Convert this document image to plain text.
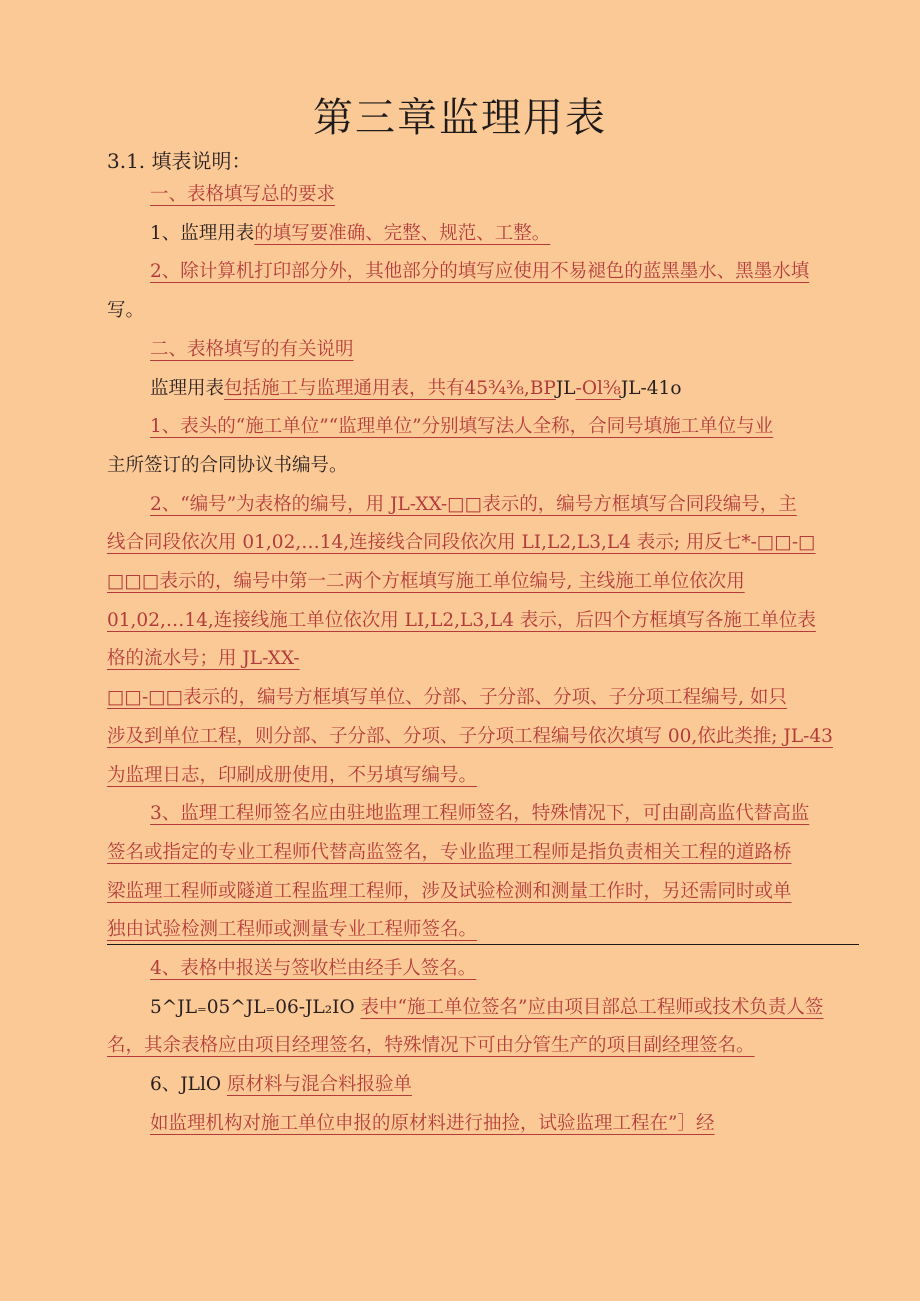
第三章监理用表
3.1. 填表说明：
一、表格填写总的要求
1、监理用表的填写要准确、完整、规范、工整。
2、除计算机打印部分外，其他部分的填写应使用不易褪色的蓝黑墨水、黑墨水填
写。
二、表格填写的有关说明
监理用表包括施工与监理通用表，共有45¾⅜,BPJL-Ol⅜JL-41o
1、表头的“施工单位”“监理单位”分别填写法人全称，合同号填施工单位与业
主所签订的合同协议书编号。
2、“编号”为表格的编号，用 JL-XX-□□表示的，编号方框填写合同段编号，主
线合同段依次用 01,02,…14,连接线合同段依次用 LI,L2,L3,L4 表示; 用反七*-□□-□
□□□表示的，编号中第一二两个方框填写施工单位编号, 主线施工单位依次用
01,02,…14,连接线施工单位依次用 LI,L2,L3,L4 表示，后四个方框填写各施工单位表
格的流水号；用 JL-XX-
□□-□□表示的，编号方框填写单位、分部、子分部、分项、子分项工程编号, 如只
涉及到单位工程，则分部、子分部、分项、子分项工程编号依次填写 00,依此类推; JL-43
为监理日志，印刷成册使用，不另填写编号。
3、监理工程师签名应由驻地监理工程师签名，特殊情况下，可由副高监代替高监
签名或指定的专业工程师代替高监签名，专业监理工程师是指负责相关工程的道路桥
梁监理工程师或隧道工程监理工程师，涉及试验检测和测量工作时，另还需同时或单
独由试验检测工程师或测量专业工程师签名。
4、表格中报送与签收栏由经手人签名。
5^JL₌05^JL₌06-JL₂IO 表中“施工单位签名”应由项目部总工程师或技术负责人签
名，其余表格应由项目经理签名，特殊情况下可由分管生产的项目副经理签名。
6、JLlO 原材料与混合料报验单
如监理机构对施工单位申报的原材料进行抽捡，试验监理工程在”］经
